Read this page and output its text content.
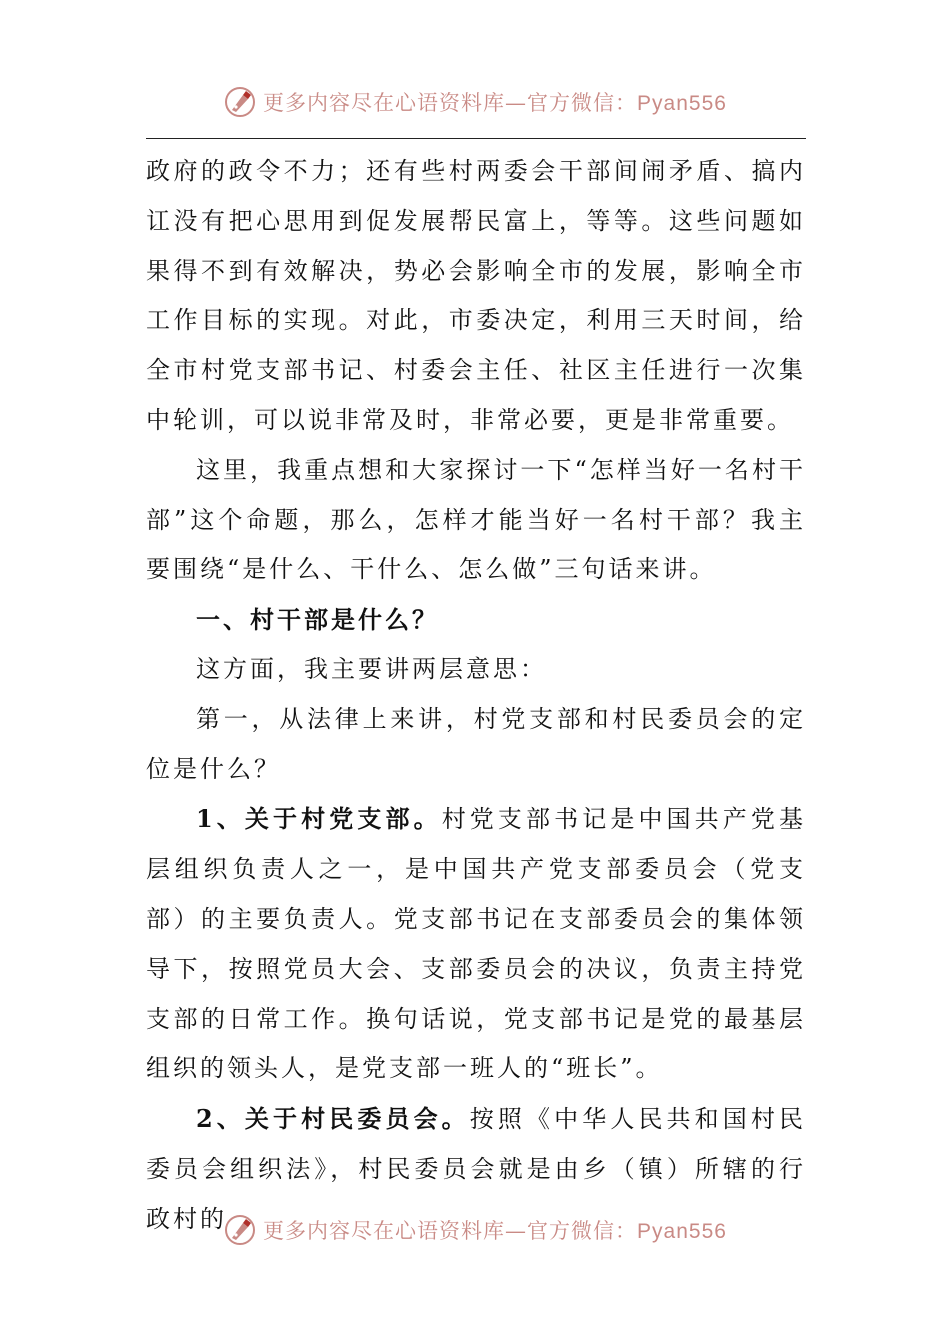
更多内容尽在心语资料库—官方微信：Pyan556

政府的政令不力；还有些村两委会干部间闹矛盾、搞内讧没有把心思用到促发展帮民富上，等等。这些问题如果得不到有效解决，势必会影响全市的发展，影响全市工作目标的实现。对此，市委决定，利用三天时间，给全市村党支部书记、村委会主任、社区主任进行一次集中轮训，可以说非常及时，非常必要，更是非常重要。

这里，我重点想和大家探讨一下“怎样当好一名村干部”这个命题，那么，怎样才能当好一名村干部？我主要围绕“是什么、干什么、怎么做”三句话来讲。

一、村干部是什么？

这方面，我主要讲两层意思：

第一，从法律上来讲，村党支部和村民委员会的定位是什么？

1、关于村党支部。村党支部书记是中国共产党基层组织负责人之一，是中国共产党支部委员会（党支部）的主要负责人。党支部书记在支部委员会的集体领导下，按照党员大会、支部委员会的决议，负责主持党支部的日常工作。换句话说，党支部书记是党的最基层组织的领头人，是党支部一班人的“班长”。

2、关于村民委员会。按照《中华人民共和国村民委员会组织法》，村民委员会就是由乡（镇）所辖的行政村的	更多内容尽在心语资料库—官方微信：Pyan556
